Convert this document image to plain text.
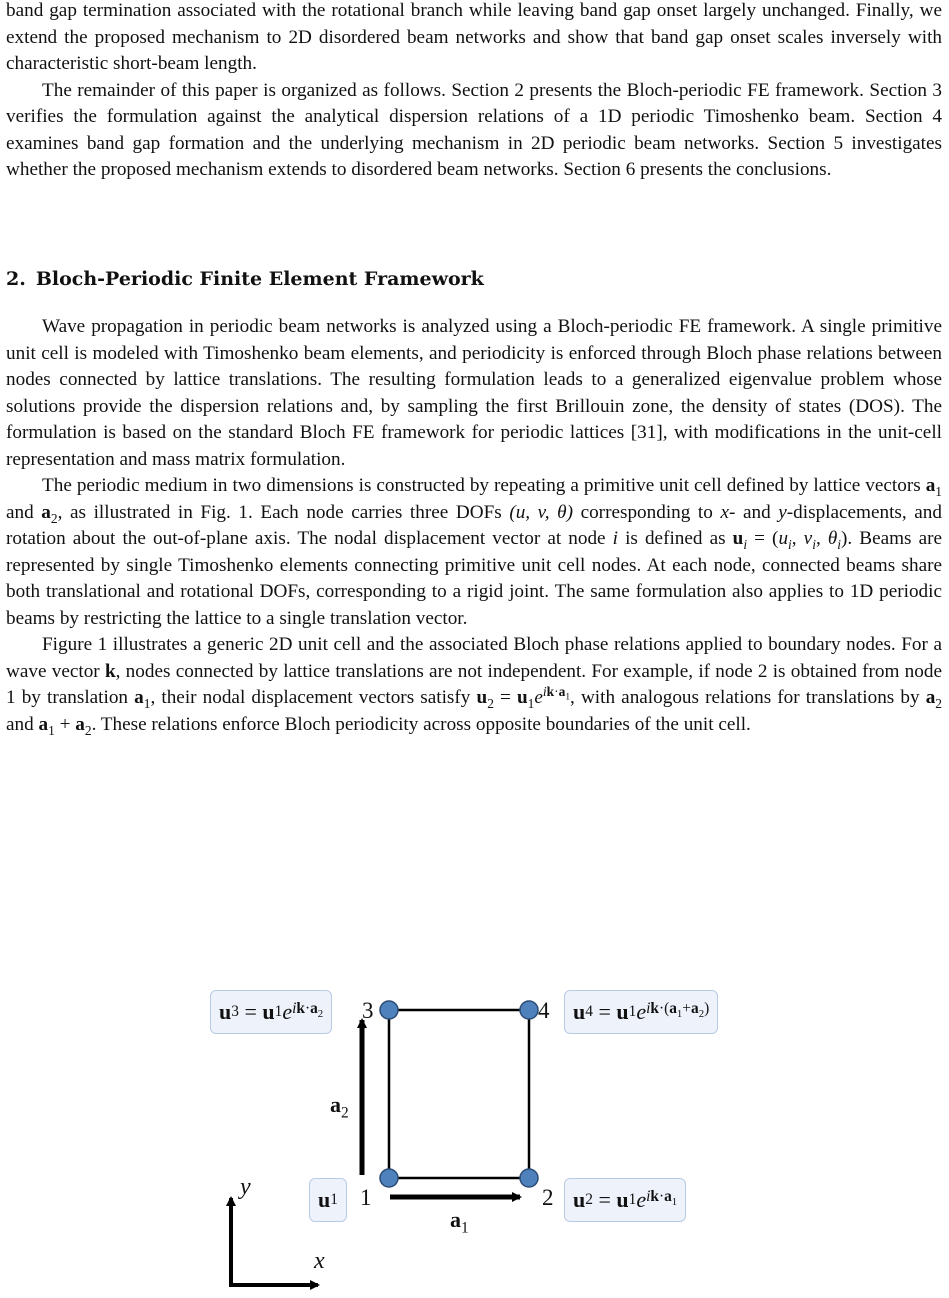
band gap termination associated with the rotational branch while leaving band gap onset largely unchanged. Finally, we extend the proposed mechanism to 2D disordered beam networks and show that band gap onset scales inversely with characteristic short-beam length.

The remainder of this paper is organized as follows. Section 2 presents the Bloch-periodic FE framework. Section 3 verifies the formulation against the analytical dispersion relations of a 1D periodic Timoshenko beam. Section 4 examines band gap formation and the underlying mechanism in 2D periodic beam networks. Section 5 investigates whether the proposed mechanism extends to disordered beam networks. Section 6 presents the conclusions.

2. Bloch-Periodic Finite Element Framework

Wave propagation in periodic beam networks is analyzed using a Bloch-periodic FE framework. A single primitive unit cell is modeled with Timoshenko beam elements, and periodicity is enforced through Bloch phase relations between nodes connected by lattice translations. The resulting formulation leads to a generalized eigenvalue problem whose solutions provide the dispersion relations and, by sampling the first Brillouin zone, the density of states (DOS). The formulation is based on the standard Bloch FE framework for periodic lattices [31], with modifications in the unit-cell representation and mass matrix formulation.

The periodic medium in two dimensions is constructed by repeating a primitive unit cell defined by lattice vectors $a_1$ and $a_2$, as illustrated in Fig. 1. Each node carries three DOFs (u, v, θ) corresponding to x- and y-displacements, and rotation about the out-of-plane axis. The nodal displacement vector at node i is defined as $u_i = (u_i$, $v_i$, $\theta_i$). Beams are represented by single Timoshenko elements connecting primitive unit cell nodes. At each node, connected beams share both translational and rotational DOFs, corresponding to a rigid joint. The same formulation also applies to 1D periodic beams by restricting the lattice to a single translation vector.

Figure 1 illustrates a generic 2D unit cell and the associated Bloch phase relations applied to boundary nodes. For a wave vector k, nodes connected by lattice translations are not independent. For example, if node 2 is obtained from node 1 by translation $a_1$, their nodal displacement vectors satisfy $u_2 = u_1e^{ik\cdot a_1}$, with analogous relations for translations by $a_2$ and $a_1 + a_2$. These relations enforce Bloch periodicity across opposite boundaries of the unit cell.

u 3 = u 1 e $ik\cdot a_2$	u 4 = u 1 e $ik\cdot(a_1+a_2)$
u 1	u 2 = u 1 e $ik\cdot a_1$
3	4
1	2
$a_2$
$a_1$
y
x
